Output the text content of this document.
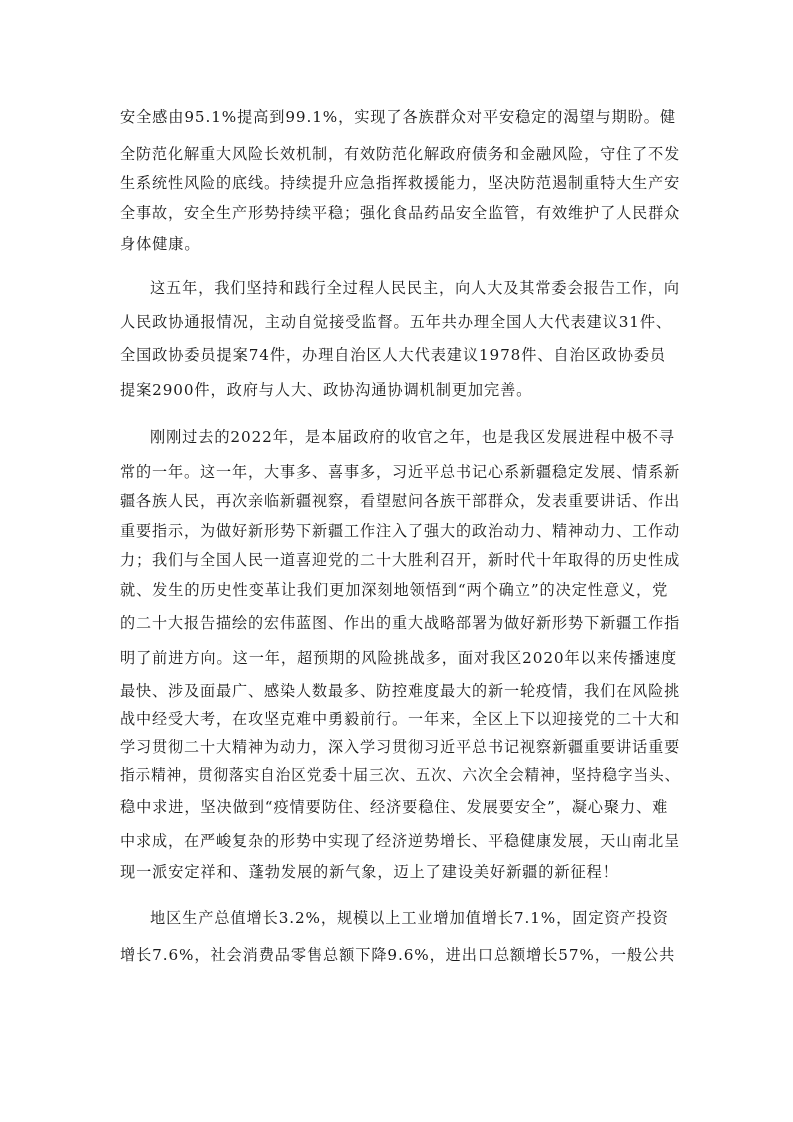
安全感由95.1%提高到99.1%，实现了各族群众对平安稳定的渴望与期盼。健
全防范化解重大风险长效机制，有效防范化解政府债务和金融风险，守住了不发
生系统性风险的底线。持续提升应急指挥救援能力，坚决防范遏制重特大生产安
全事故，安全生产形势持续平稳；强化食品药品安全监管，有效维护了人民群众
身体健康。
这五年，我们坚持和践行全过程人民民主，向人大及其常委会报告工作，向
人民政协通报情况，主动自觉接受监督。五年共办理全国人大代表建议31件、
全国政协委员提案74件，办理自治区人大代表建议1978件、自治区政协委员
提案2900件，政府与人大、政协沟通协调机制更加完善。
刚刚过去的2022年，是本届政府的收官之年，也是我区发展进程中极不寻
常的一年。这一年，大事多、喜事多，习近平总书记心系新疆稳定发展、情系新
疆各族人民，再次亲临新疆视察，看望慰问各族干部群众，发表重要讲话、作出
重要指示，为做好新形势下新疆工作注入了强大的政治动力、精神动力、工作动
力；我们与全国人民一道喜迎党的二十大胜利召开，新时代十年取得的历史性成
就、发生的历史性变革让我们更加深刻地领悟到“两个确立”的决定性意义，党
的二十大报告描绘的宏伟蓝图、作出的重大战略部署为做好新形势下新疆工作指
明了前进方向。这一年，超预期的风险挑战多，面对我区2020年以来传播速度
最快、涉及面最广、感染人数最多、防控难度最大的新一轮疫情，我们在风险挑
战中经受大考，在攻坚克难中勇毅前行。一年来，全区上下以迎接党的二十大和
学习贯彻二十大精神为动力，深入学习贯彻习近平总书记视察新疆重要讲话重要
指示精神，贯彻落实自治区党委十届三次、五次、六次全会精神，坚持稳字当头、
稳中求进，坚决做到“疫情要防住、经济要稳住、发展要安全”，凝心聚力、难
中求成，在严峻复杂的形势中实现了经济逆势增长、平稳健康发展，天山南北呈
现一派安定祥和、蓬勃发展的新气象，迈上了建设美好新疆的新征程！
地区生产总值增长3.2%，规模以上工业增加值增长7.1%，固定资产投资
增长7.6%，社会消费品零售总额下降9.6%，进出口总额增长57%，一般公共
